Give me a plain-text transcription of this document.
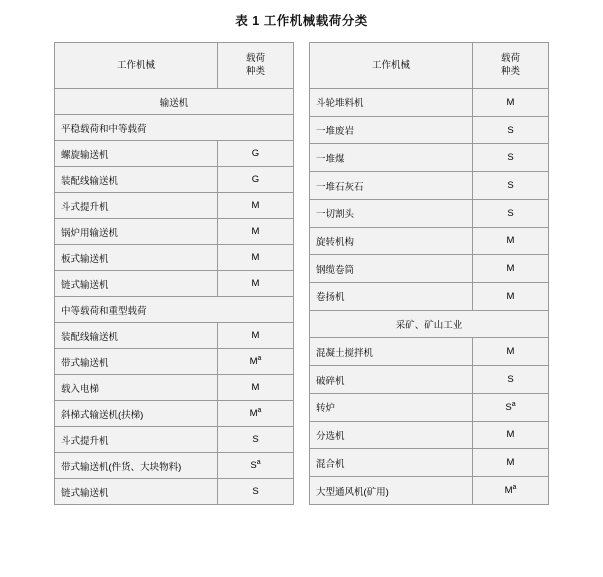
表 1 工作机械载荷分类
工作机械	载荷
种类
输送机	
平稳载荷和中等载荷	
螺旋输送机	G
装配线输送机	G
斗式提升机	M
锅炉用输送机	M
板式输送机	M
链式输送机	M
中等载荷和重型载荷	
装配线输送机	M
带式输送机	$M^a$
载入电梯	M
斜梯式输送机(扶梯)	$M^a$
斗式提升机	S
带式输送机(件货、大块物料)	$S^a$
链式输送机	S
工作机械	载荷
种类
斗轮堆料机	M
一堆废岩	S
一堆煤	S
一堆石灰石	S
一切割头	S
旋转机构	M
钢缆卷筒	M
卷扬机	M
采矿、矿山工业	
混凝土搅拌机	M
破碎机	S
转炉	$S^a$
分选机	M
混合机	M
大型通风机(矿用)	$M^a$
